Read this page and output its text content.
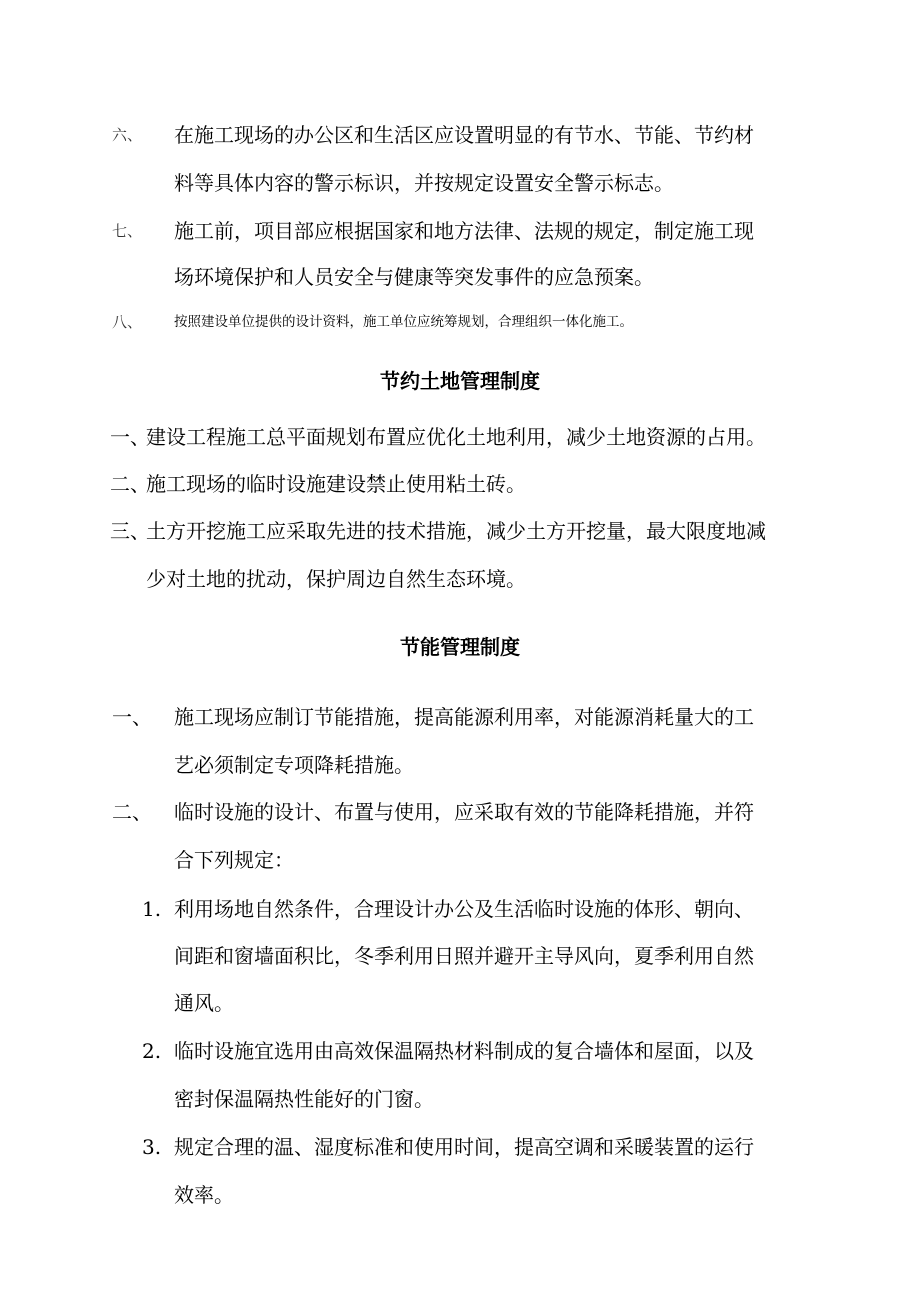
六、 在施工现场的办公区和生活区应设置明显的有节水、节能、节约材
料等具体内容的警示标识，并按规定设置安全警示标志。
七、 施工前，项目部应根据国家和地方法律、法规的规定，制定施工现
场环境保护和人员安全与健康等突发事件的应急预案。
八、 按照建设单位提供的设计资料，施工单位应统筹规划，合理组织一体化施工。
节约土地管理制度
一、
建设工程施工总平面规划布置应优化土地利用，减少土地资源的占用。
二、
施工现场的临时设施建设禁止使用粘土砖。
三、
土方开挖施工应采取先进的技术措施，减少土方开挖量，最大限度地减
少对土地的扰动，保护周边自然生态环境。
节能管理制度
一、 施工现场应制订节能措施，提高能源利用率，对能源消耗量大的工
艺必须制定专项降耗措施。
二、 临时设施的设计、布置与使用，应采取有效的节能降耗措施，并符
合下列规定：
1. 利用场地自然条件，合理设计办公及生活临时设施的体形、朝向、
间距和窗墙面积比，冬季利用日照并避开主导风向，夏季利用自然
通风。
2. 临时设施宜选用由高效保温隔热材料制成的复合墙体和屋面，以及
密封保温隔热性能好的门窗。
3. 规定合理的温、湿度标准和使用时间，提高空调和采暖装置的运行
效率。
